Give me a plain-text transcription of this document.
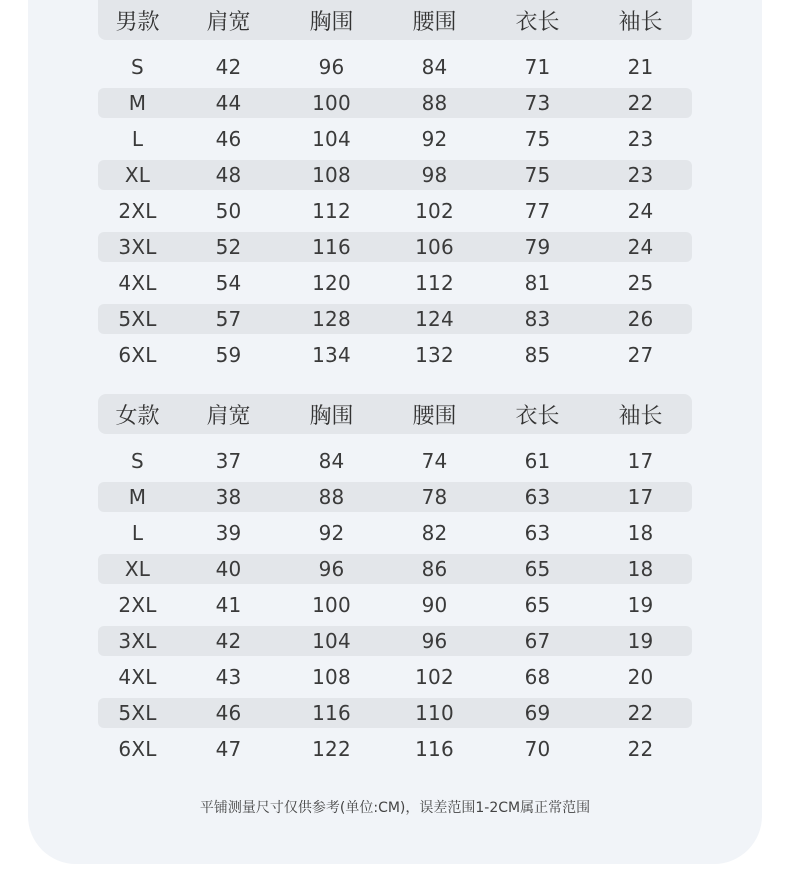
男款	肩宽	胸围	腰围	衣长	袖长
S	42	96	84	71	21
M	44	100	88	73	22
L	46	104	92	75	23
XL	48	108	98	75	23
2XL	50	112	102	77	24
3XL	52	116	106	79	24
4XL	54	120	112	81	25
5XL	57	128	124	83	26
6XL	59	134	132	85	27
女款	肩宽	胸围	腰围	衣长	袖长
S	37	84	74	61	17
M	38	88	78	63	17
L	39	92	82	63	18
XL	40	96	86	65	18
2XL	41	100	90	65	19
3XL	42	104	96	67	19
4XL	43	108	102	68	20
5XL	46	116	110	69	22
6XL	47	122	116	70	22
平铺测量尺寸仅供参考(单位:CM)，误差范围1-2CM属正常范围
